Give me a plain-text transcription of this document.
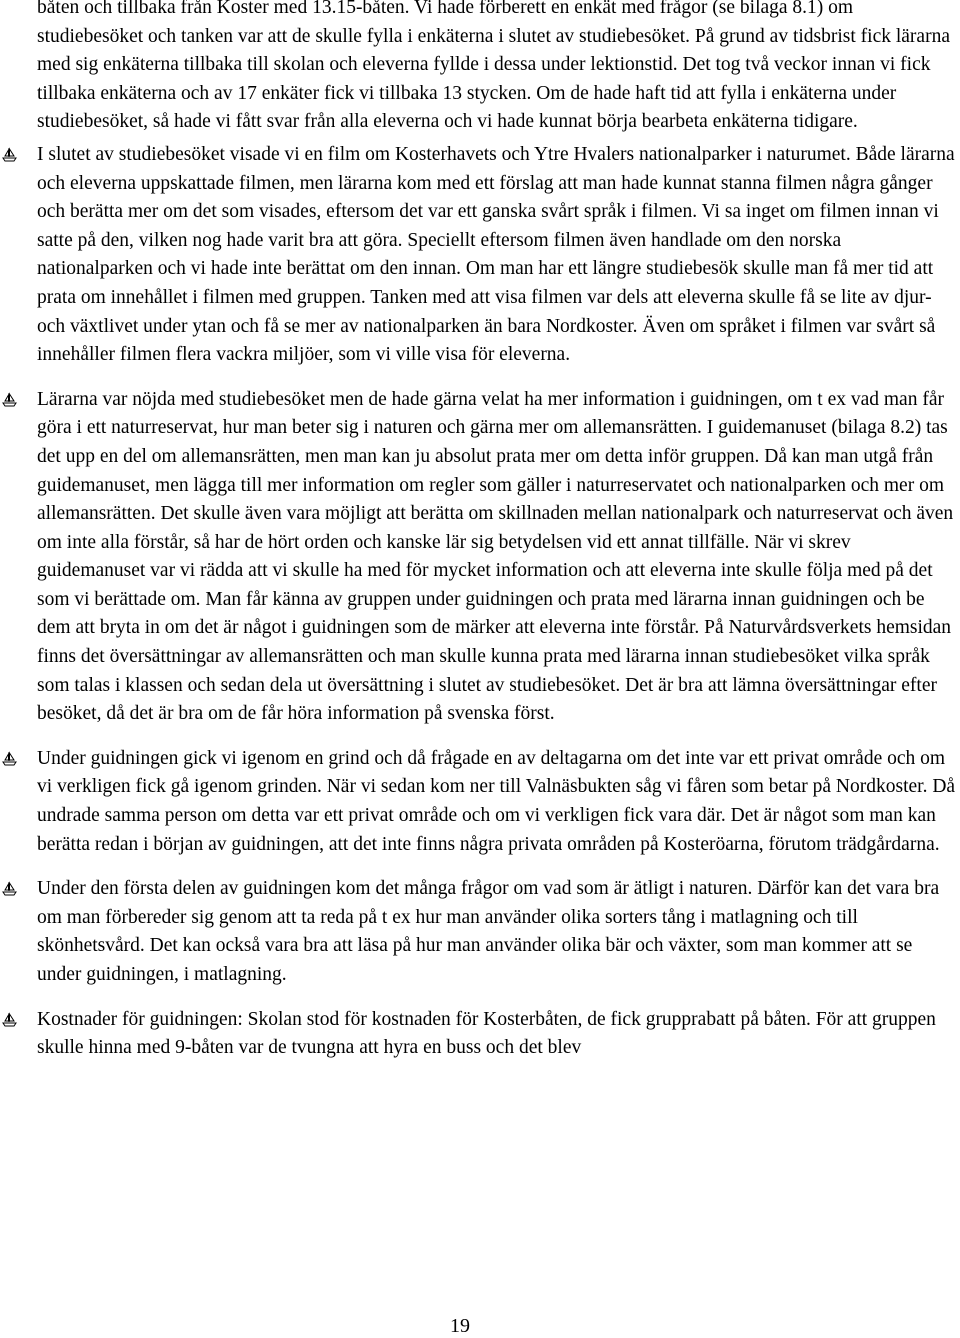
båten och tillbaka från Koster med 13.15-båten. Vi hade förberett en enkät med frågor (se bilaga 8.1) om studiebesöket och tanken var att de skulle fylla i enkäterna i slutet av studiebesöket. På grund av tidsbrist fick lärarna med sig enkäterna tillbaka till skolan och eleverna fyllde i dessa under lektionstid. Det tog två veckor innan vi fick tillbaka enkäterna och av 17 enkäter fick vi tillbaka 13 stycken. Om de hade haft tid att fylla i enkäterna under studiebesöket, så hade vi fått svar från alla eleverna och vi hade kunnat börja bearbeta enkäterna tidigare.

I slutet av studiebesöket visade vi en film om Kosterhavets och Ytre Hvalers nationalparker i naturumet. Både lärarna och eleverna uppskattade filmen, men lärarna kom med ett förslag att man hade kunnat stanna filmen några gånger och berätta mer om det som visades, eftersom det var ett ganska svårt språk i filmen. Vi sa inget om filmen innan vi satte på den, vilken nog hade varit bra att göra. Speciellt eftersom filmen även handlade om den norska nationalparken och vi hade inte berättat om den innan. Om man har ett längre studiebesök skulle man få mer tid att prata om innehållet i filmen med gruppen. Tanken med att visa filmen var dels att eleverna skulle få se lite av djur- och växtlivet under ytan och få se mer av nationalparken än bara Nordkoster. Även om språket i filmen var svårt så innehåller filmen flera vackra miljöer, som vi ville visa för eleverna.

Lärarna var nöjda med studiebesöket men de hade gärna velat ha mer information i guidningen, om t ex vad man får göra i ett naturreservat, hur man beter sig i naturen och gärna mer om allemansrätten. I guidemanuset (bilaga 8.2) tas det upp en del om allemansrätten, men man kan ju absolut prata mer om detta inför gruppen. Då kan man utgå från guidemanuset, men lägga till mer information om regler som gäller i naturreservatet och nationalparken och mer om allemansrätten. Det skulle även vara möjligt att berätta om skillnaden mellan nationalpark och naturreservat och även om inte alla förstår, så har de hört orden och kanske lär sig betydelsen vid ett annat tillfälle. När vi skrev guidemanuset var vi rädda att vi skulle ha med för mycket information och att eleverna inte skulle följa med på det som vi berättade om. Man får känna av gruppen under guidningen och prata med lärarna innan guidningen och be dem att bryta in om det är något i guidningen som de märker att eleverna inte förstår. På Naturvårdsverkets hemsidan finns det översättningar av allemansrätten och man skulle kunna prata med lärarna innan studiebesöket vilka språk som talas i klassen och sedan dela ut översättning i slutet av studiebesöket. Det är bra att lämna översättningar efter besöket, då det är bra om de får höra information på svenska först.

Under guidningen gick vi igenom en grind och då frågade en av deltagarna om det inte var ett privat område och om vi verkligen fick gå igenom grinden. När vi sedan kom ner till Valnäsbukten såg vi fåren som betar på Nordkoster. Då undrade samma person om detta var ett privat område och om vi verkligen fick vara där. Det är något som man kan berätta redan i början av guidningen, att det inte finns några privata områden på Kosteröarna, förutom trädgårdarna.

Under den första delen av guidningen kom det många frågor om vad som är ätligt i naturen. Därför kan det vara bra om man förbereder sig genom att ta reda på t ex hur man använder olika sorters tång i matlagning och till skönhetsvård. Det kan också vara bra att läsa på hur man använder olika bär och växter, som man kommer att se under guidningen, i matlagning.

Kostnader för guidningen: Skolan stod för kostnaden för Kosterbåten, de fick grupprabatt på båten. För att gruppen skulle hinna med 9-båten var de tvungna att hyra en buss och det blev

19
